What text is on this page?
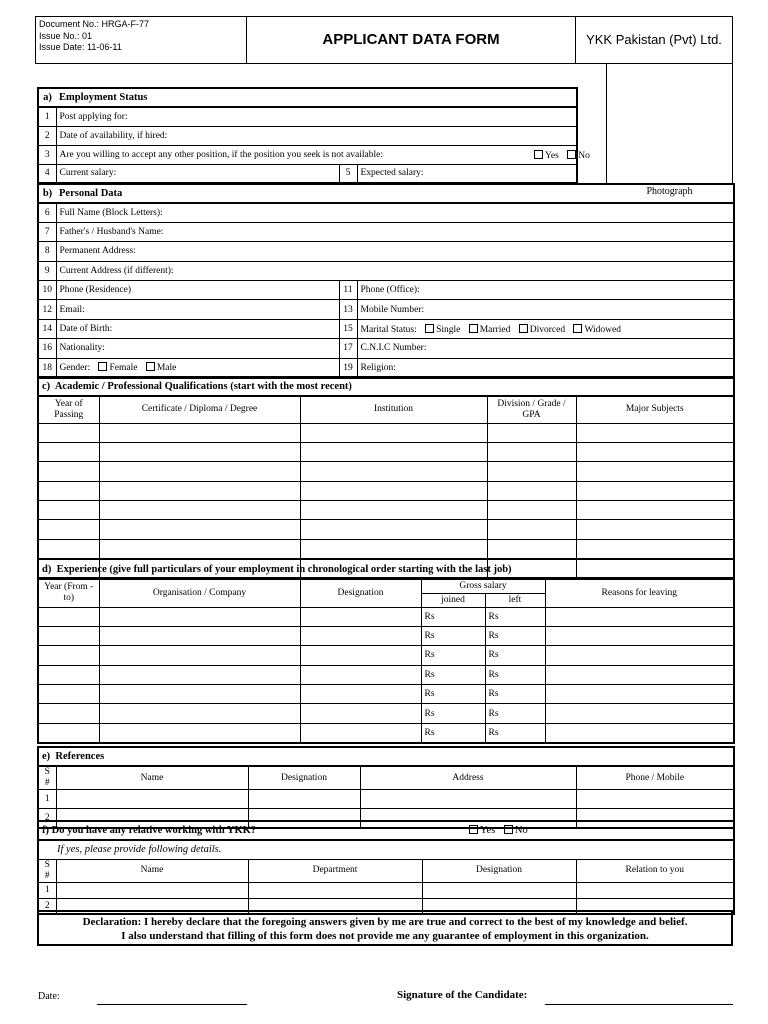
Document No.: HRGA-F-77
Issue No.: 01
Issue Date: 11-06-11	APPLICANT DATA FORM	YKK Pakistan (Pvt) Ltd.
Photograph
a)	Employment Status		
1	Post applying for:		
2	Date of availability, if hired:		
3	Are you willing to accept any other position, if the position you seek is not available: Yes No		

4	Current salary:	5	Expected salary:
b)	Personal Data		
6	Full Name (Block Letters):		
7	Father's / Husband's Name:		
8	Permanent Address:		
9	Current Address (if different):		
10	Phone (Residence)	11	Phone (Office):
12	Email:	13	Mobile Number:
14	Date of Birth:	15	Marital Status: Single Married Divorced Widowed
16	Nationality:	17	C.N.I.C Number:
18	Gender: Female Male	19	Religion:
c) Academic / Professional Qualifications (start with the most recent)				
Year of Passing	Certificate / Diploma / Degree	Institution	Division / Grade / GPA	Major Subjects

d) Experience (give full particulars of your employment in chronological order starting with the last job)					
Year (From - to)	Organisation / Company	Designation	Gross salary		Reasons for leaving
			joined	left	
			Rs	Rs	
			Rs	Rs	
			Rs	Rs	
			Rs	Rs	
			Rs	Rs	
			Rs	Rs	
			Rs	Rs	
e) References				
S #	Name	Designation	Address	Phone / Mobile
1				
2				
f) Do you have any relative working with YKK? Yes No				

If yes, please provide following details.				
S #	Name	Department	Designation	Relation to you
1				
2				
Declaration: I hereby declare that the foregoing answers given by me are true and correct to the best of my knowledge and belief.
I also understand that filling of this form does not provide me any guarantee of employment in this organization.
Date:	Signature of the Candidate:
